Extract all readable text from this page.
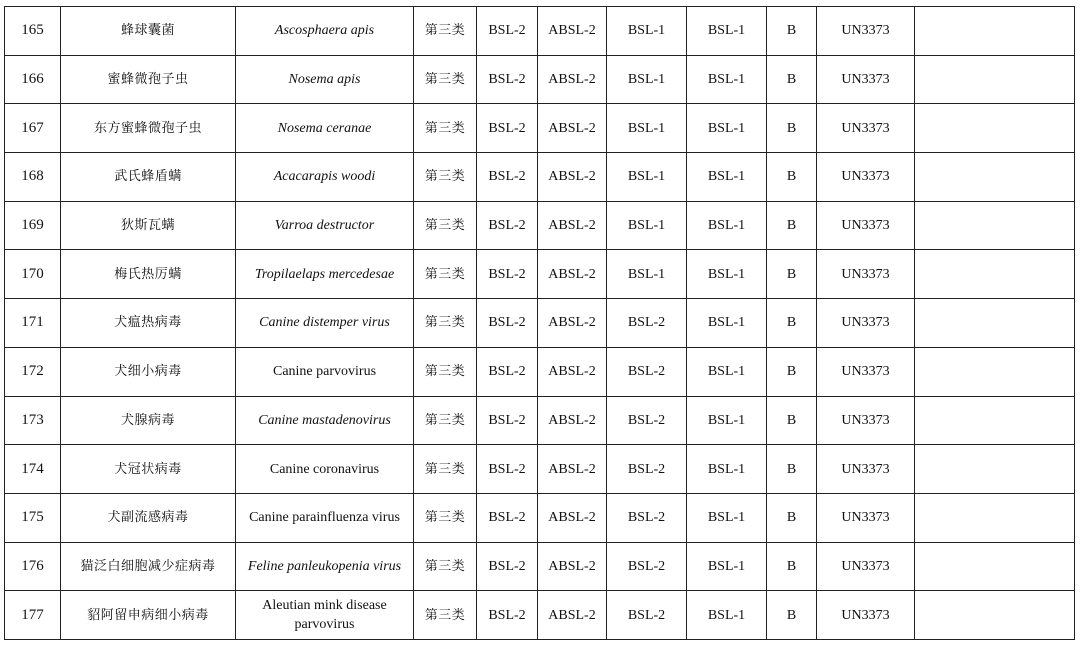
165	蜂球囊菌	Ascosphaera apis	第三类	BSL-2	ABSL-2	BSL-1	BSL-1	B	UN3373	
166	蜜蜂微孢子虫	Nosema apis	第三类	BSL-2	ABSL-2	BSL-1	BSL-1	B	UN3373	
167	东方蜜蜂微孢子虫	Nosema ceranae	第三类	BSL-2	ABSL-2	BSL-1	BSL-1	B	UN3373	
168	武氏蜂盾螨	Acacarapis woodi	第三类	BSL-2	ABSL-2	BSL-1	BSL-1	B	UN3373	
169	狄斯瓦螨	Varroa destructor	第三类	BSL-2	ABSL-2	BSL-1	BSL-1	B	UN3373	
170	梅氏热厉螨	Tropilaelaps mercedesae	第三类	BSL-2	ABSL-2	BSL-1	BSL-1	B	UN3373	
171	犬瘟热病毒	Canine distemper virus	第三类	BSL-2	ABSL-2	BSL-2	BSL-1	B	UN3373	
172	犬细小病毒	Canine parvovirus	第三类	BSL-2	ABSL-2	BSL-2	BSL-1	B	UN3373	
173	犬腺病毒	Canine mastadenovirus	第三类	BSL-2	ABSL-2	BSL-2	BSL-1	B	UN3373	
174	犬冠状病毒	Canine coronavirus	第三类	BSL-2	ABSL-2	BSL-2	BSL-1	B	UN3373	
175	犬副流感病毒	Canine parainfluenza virus	第三类	BSL-2	ABSL-2	BSL-2	BSL-1	B	UN3373	
176	猫泛白细胞减少症病毒	Feline panleukopenia virus	第三类	BSL-2	ABSL-2	BSL-2	BSL-1	B	UN3373	
177	貂阿留申病细小病毒	Aleutian mink disease parvovirus	第三类	BSL-2	ABSL-2	BSL-2	BSL-1	B	UN3373	
